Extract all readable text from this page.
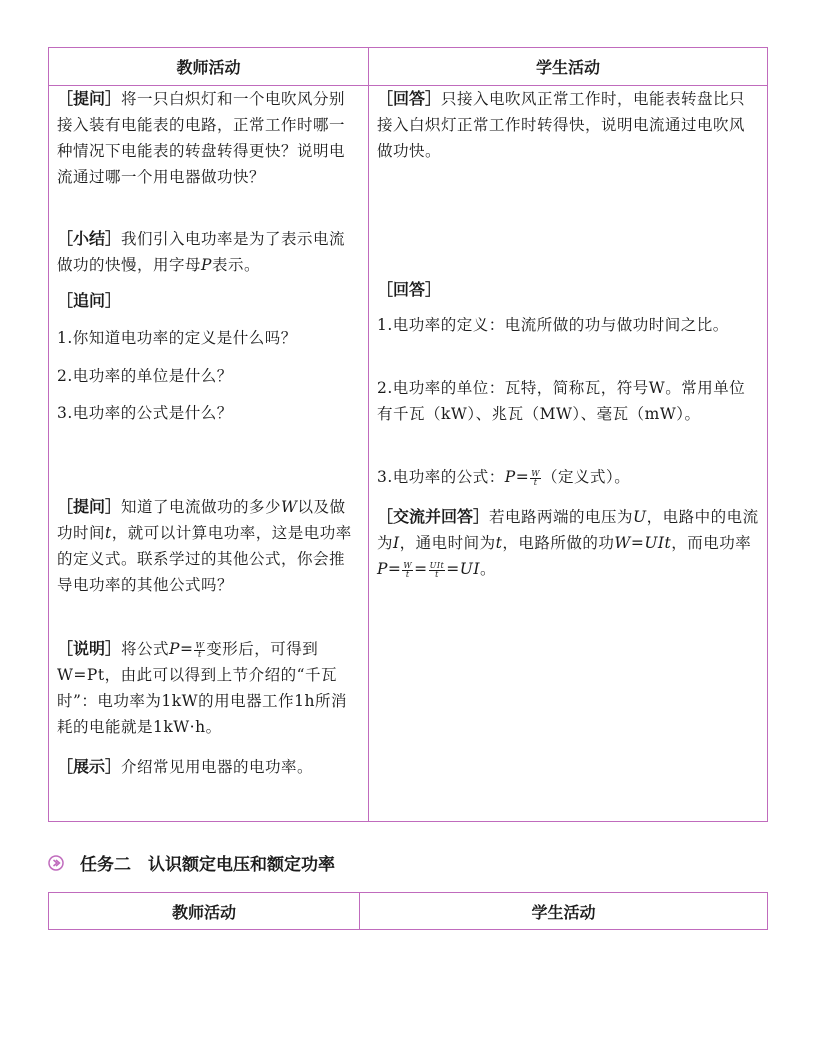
教师活动	学生活动
［提问］将一只白炽灯和一个电吹风分别接入装有电能表的电路，正常工作时哪一种情况下电能表的转盘转得更快？说明电流通过哪一个用电器做功快？
［小结］我们引入电功率是为了表示电流做功的快慢，用字母P表示。
［追问］
1.你知道电功率的定义是什么吗？
2.电功率的单位是什么？
3.电功率的公式是什么？
［提问］知道了电流做功的多少W以及做功时间t，就可以计算电功率，这是电功率的定义式。联系学过的其他公式，你会推导电功率的其他公式吗？
［说明］将公式$P= \frac{W}{t}$ 变形后，可得到W=Pt，由此可以得到上节介绍的“千瓦时”：电功率为1kW的用电器工作1h所消耗的电能就是1kW·h。
［展示］介绍常见用电器的电功率。
［回答］只接入电吹风正常工作时，电能表转盘比只接入白炽灯正常工作时转得快，说明电流通过电吹风做功快。
［回答］
1.电功率的定义：电流所做的功与做功时间之比。
2.电功率的单位：瓦特，简称瓦，符号W。常用单位有千瓦（kW）、兆瓦（MW）、毫瓦（mW）。
3.电功率的公式：$P= \frac{W}{t}$ （定义式）。
［交流并回答］若电路两端的电压为U，电路中的电流为I，通电时间为t，电路所做的功W=UIt，而电功率$P= \frac{W}{t} = \frac{\text{UIt}}{t} =UI$。
任务二　认识额定电压和额定功率
教师活动	学生活动
